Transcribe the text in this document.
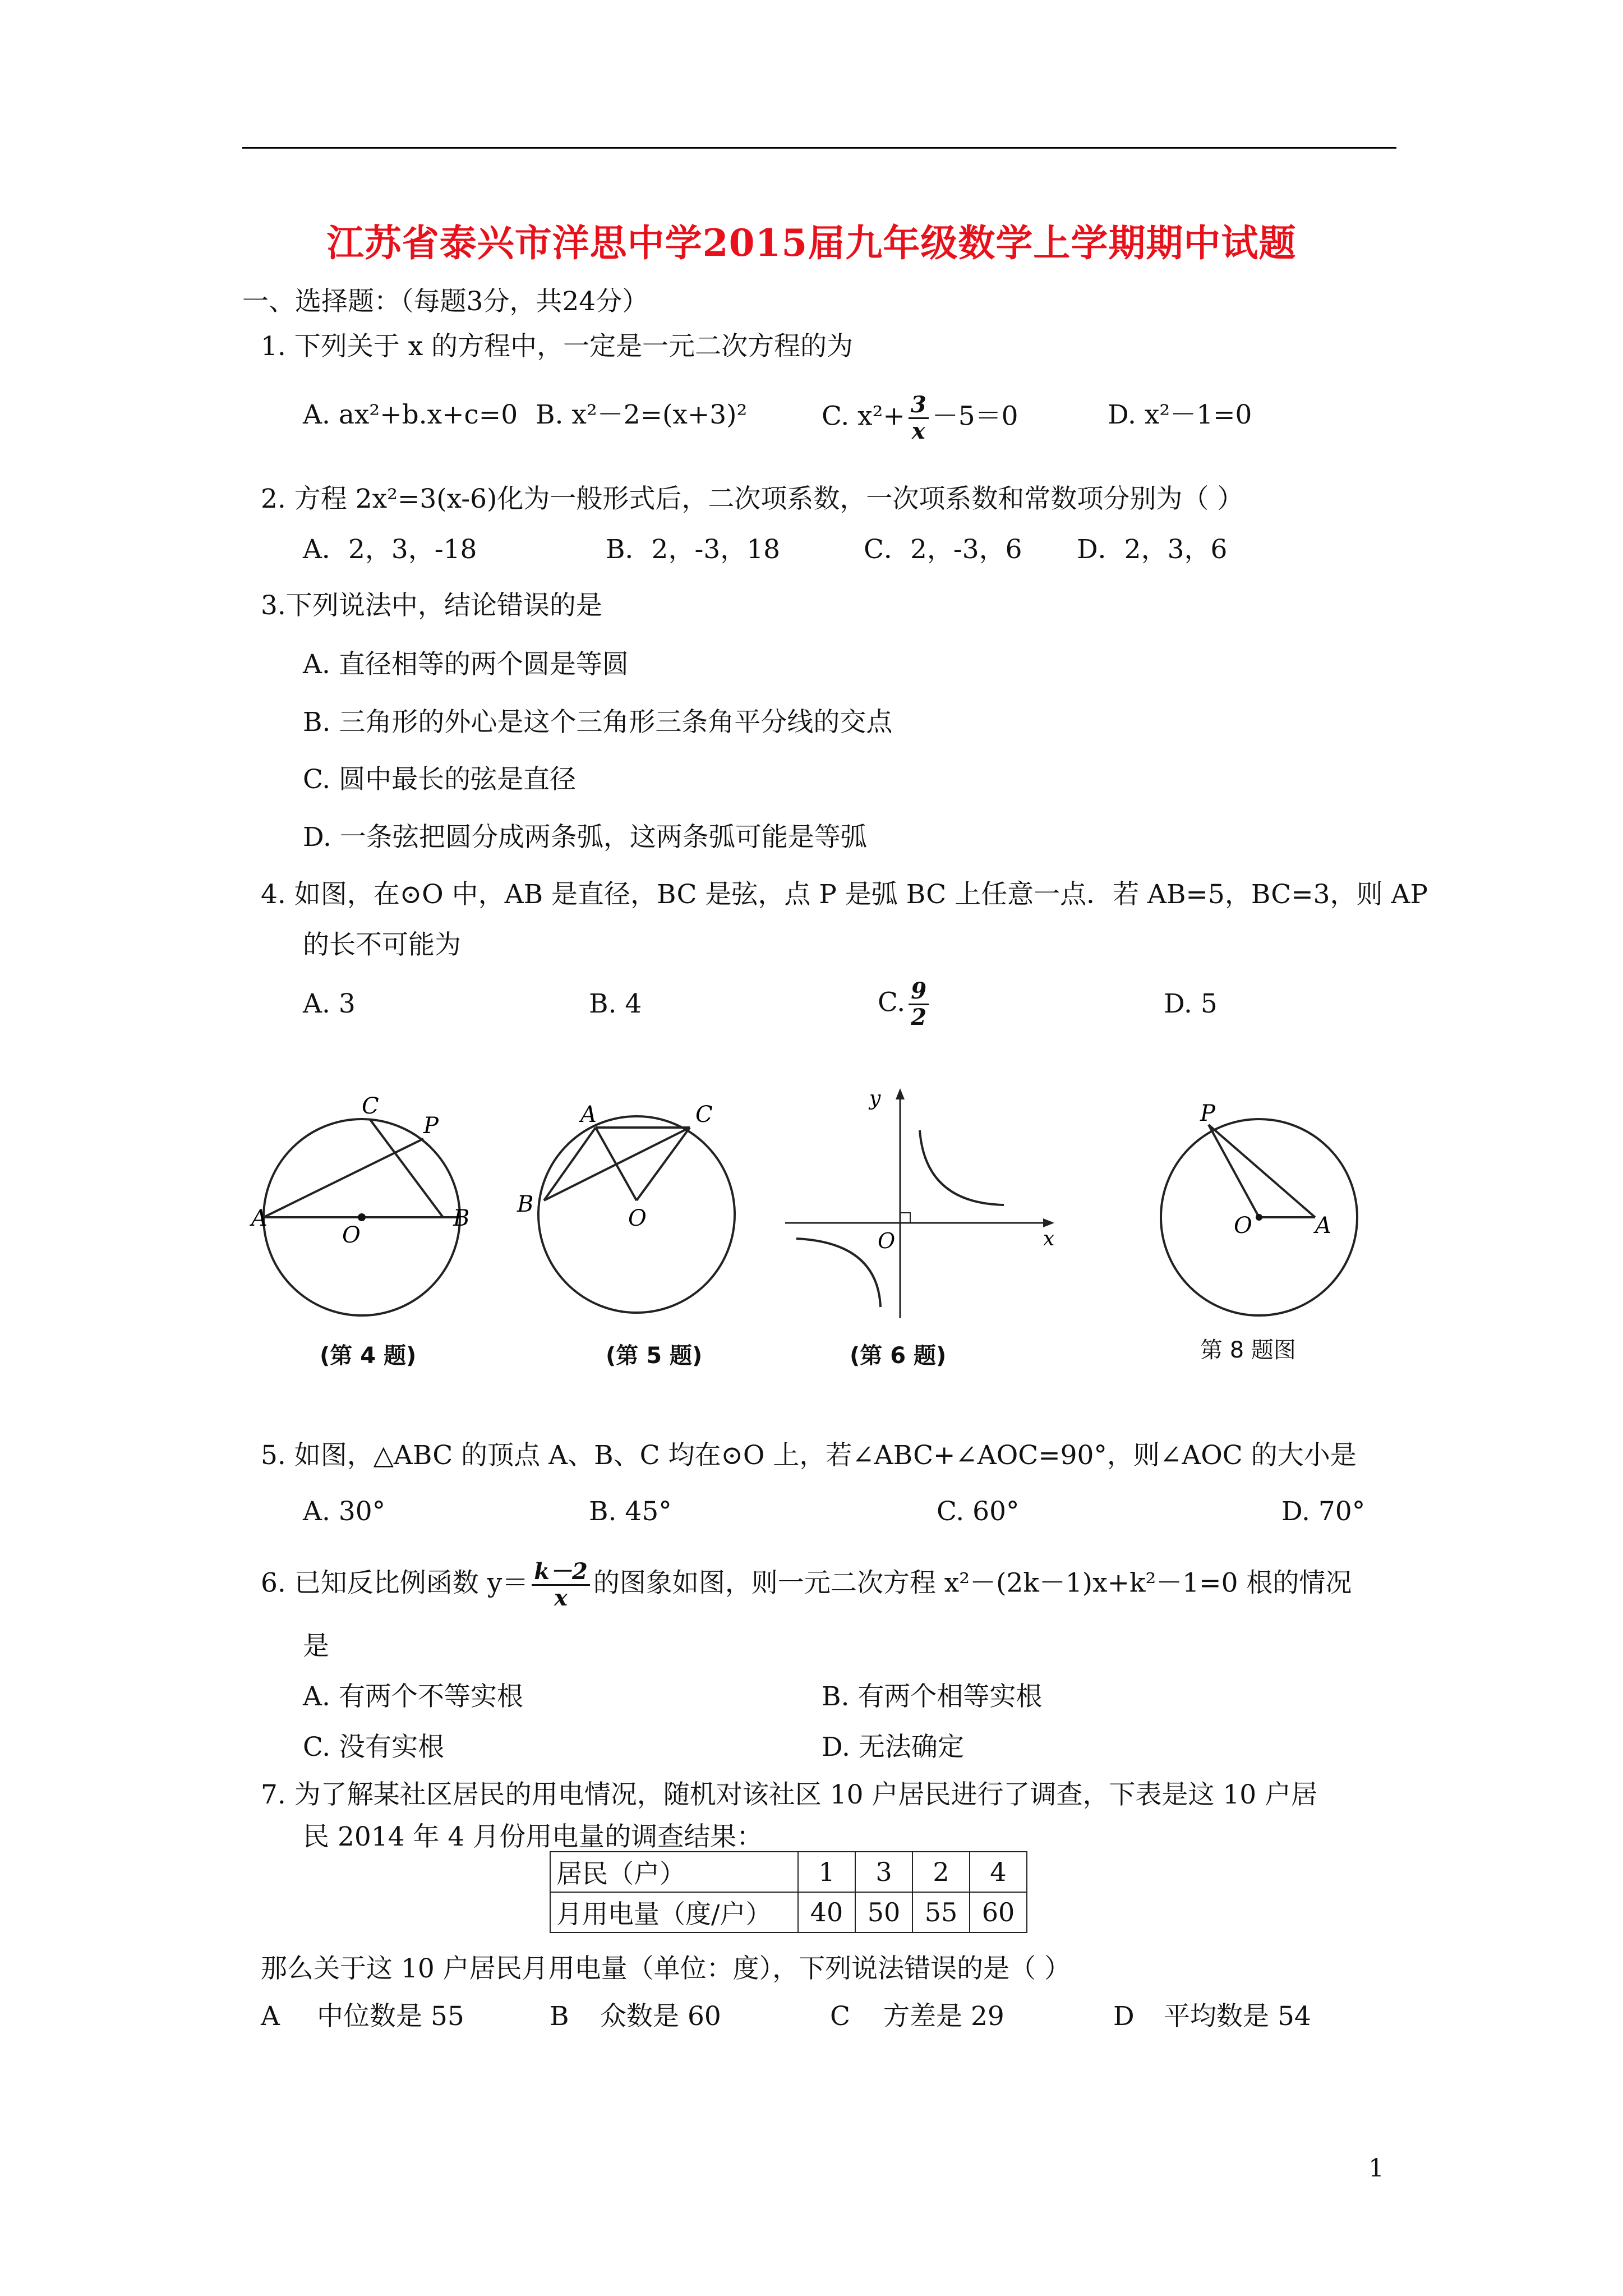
江苏省泰兴市洋思中学2015届九年级数学上学期期中试题
一、选择题：（每题3分，共24分）
1. 下列关于 x 的方程中，一定是一元二次方程的为
A. ax²+b.x+c=0 B. x²－2=(x+3)²	C. $x^2+ \frac{3}{x} -5=0$	D. x²－1=0
2. 方程 2x²=3(x-6)化为一般形式后，二次项系数，一次项系数和常数项分别为（ ）
A．2，3，-18	B．2，-3，18	C．2，-3，6 D．2，3，6
3.下列说法中，结论错误的是
A. 直径相等的两个圆是等圆
B. 三角形的外心是这个三角形三条角平分线的交点
C. 圆中最长的弦是直径
D. 一条弦把圆分成两条弧，这两条弧可能是等弧
4. 如图，在⊙O 中，AB 是直径，BC 是弦，点 P 是弧 BC 上任意一点．若 AB=5，BC=3，则 AP
的长不可能为
A. 3	B. 4	C. $\frac{9}{2}$	D. 5
A	B
C
P
O
(第 4 题)
A	C
B
O
(第 5 题)
y
x
O
(第 6 题)
P
O	A
第 8 题图
5. 如图，△ABC 的顶点 A、B、C 均在⊙O 上，若∠ABC+∠AOC=90°，则∠AOC 的大小是
A. 30°	B. 45°	C. 60°	D. 70°
6. 已知反比例函数 $y= \frac{k-2}{x}$ 的图象如图，则一元二次方程 x²－(2k－1)x+k²－1=0 根的情况
是
A. 有两个不等实根	B. 有两个相等实根
C. 没有实根	D. 无法确定
7. 为了解某社区居民的用电情况，随机对该社区 10 户居民进行了调查，下表是这 10 户居
民 2014 年 4 月份用电量的调查结果：
居民（户）	1	3	2	4
月用电量（度/户）	40	50	55	60
那么关于这 10 户居民月用电量（单位：度），下列说法错误的是（ ）
A 中位数是 55	B 众数是 60	C 方差是 29	D 平均数是 54
1
